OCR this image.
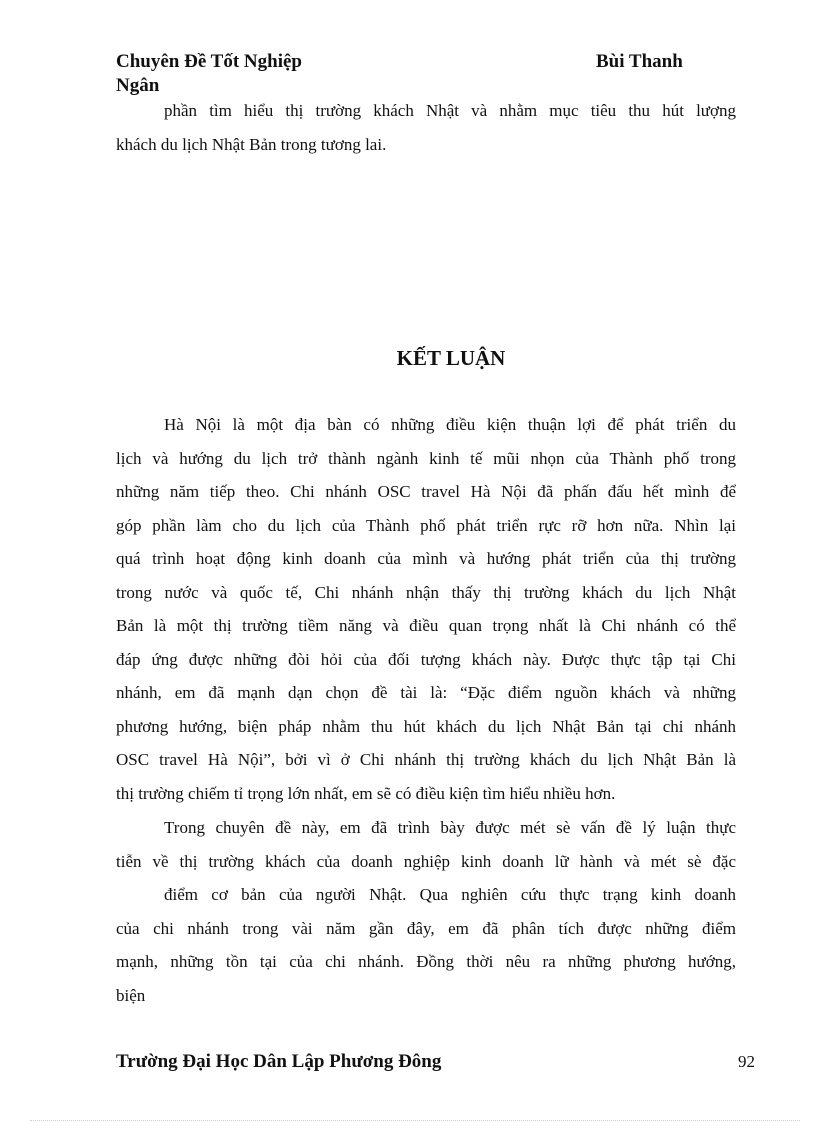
Chuyên Đề Tốt Nghiệp	Bùi Thanh
Ngân
phần tìm hiểu thị trường khách Nhật và nhằm mục tiêu thu hút lượng
khách du lịch Nhật Bản trong tương lai.
KẾT LUẬN
Hà Nội là một địa bàn có những điều kiện thuận lợi để phát triển du
lịch và hướng du lịch trở thành ngành kinh tế mũi nhọn của Thành phố trong
những năm tiếp theo. Chi nhánh OSC travel Hà Nội đã phấn đấu hết mình để
góp phần làm cho du lịch của Thành phố phát triển rực rỡ hơn nữa. Nhìn lại
quá trình hoạt động kinh doanh của mình và hướng phát triển của thị trường
trong nước và quốc tế, Chi nhánh nhận thấy thị trường khách du lịch Nhật
Bản là một thị trường tiềm năng và điều quan trọng nhất là Chi nhánh có thể
đáp ứng được những đòi hỏi của đối tượng khách này. Được thực tập tại Chi
nhánh, em đã mạnh dạn chọn đề tài là: “Đặc điểm nguồn khách và những
phương hướng, biện pháp nhằm thu hút khách du lịch Nhật Bản tại chi nhánh
OSC travel Hà Nội”, bởi vì ở Chi nhánh thị trường khách du lịch Nhật Bản là
thị trường chiếm tỉ trọng lớn nhất, em sẽ có điều kiện tìm hiểu nhiều hơn.
Trong chuyên đề này, em đã trình bày được mét sè vấn đề lý luận thực
tiễn về thị trường khách của doanh nghiệp kinh doanh lữ hành và mét sè đặc
điểm cơ bản của người Nhật. Qua nghiên cứu thực trạng kinh doanh
của chi nhánh trong vài năm gần đây, em đã phân tích được những điểm
mạnh, những tồn tại của chi nhánh. Đồng thời nêu ra những phương hướng,
biện
Trường Đại Học Dân Lập Phương Đông	92
